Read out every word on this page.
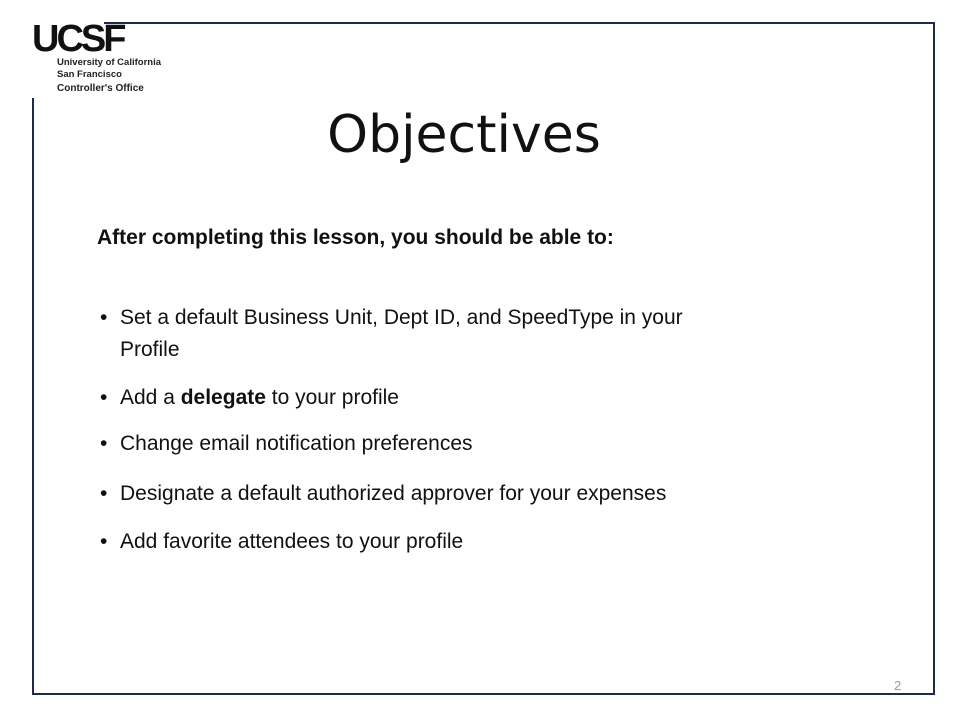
UCSF
University of California
San Francisco
Controller's Office
Objectives

After completing this lesson, you should be able to:

• Set a default Business Unit, Dept ID, and SpeedType in your
Profile
• Add a delegate to your profile
• Change email notification preferences
• Designate a default authorized approver for your expenses
• Add favorite attendees to your profile
2
